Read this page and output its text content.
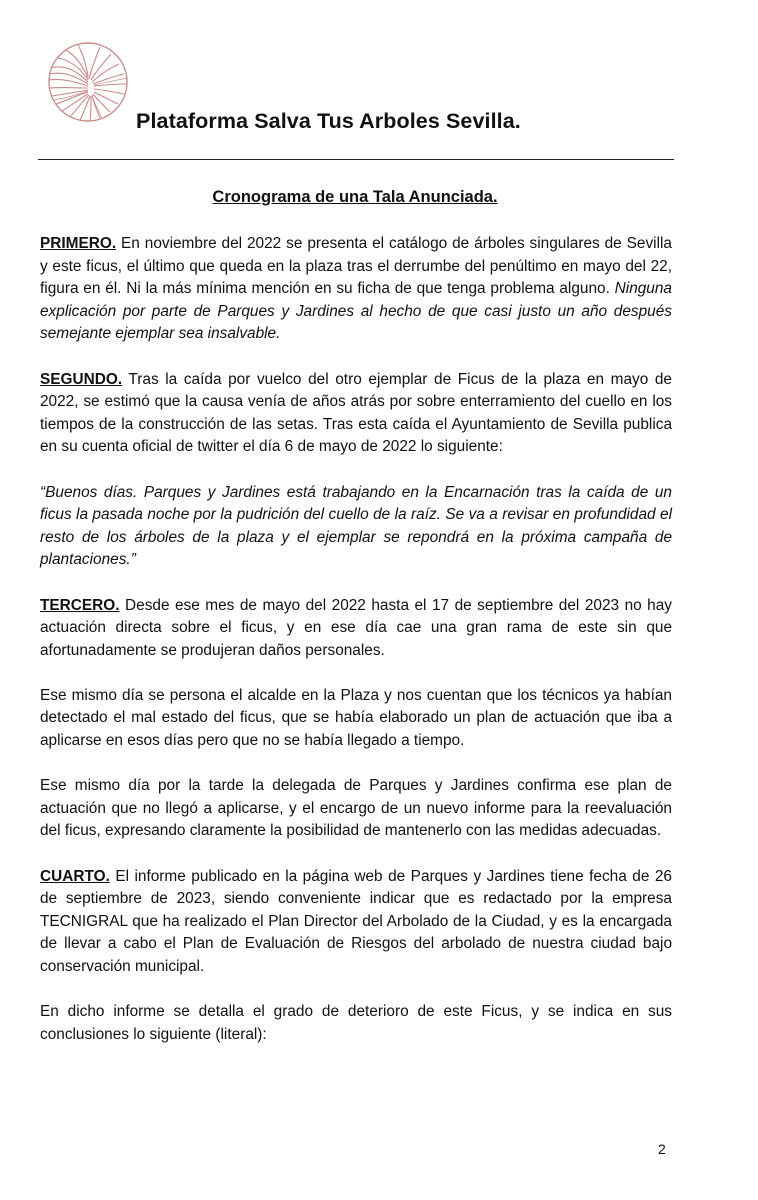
Plataforma Salva Tus Arboles Sevilla.
Cronograma de una Tala Anunciada.

PRIMERO. En noviembre del 2022 se presenta el catálogo de árboles singulares de Sevilla y este ficus, el último que queda en la plaza tras el derrumbe del penúltimo en mayo del 22, figura en él. Ni la más mínima mención en su ficha de que tenga problema alguno. Ninguna explicación por parte de Parques y Jardines al hecho de que casi justo un año después semejante ejemplar sea insalvable.

SEGUNDO. Tras la caída por vuelco del otro ejemplar de Ficus de la plaza en mayo de 2022, se estimó que la causa venía de años atrás por sobre enterramiento del cuello en los tiempos de la construcción de las setas. Tras esta caída el Ayuntamiento de Sevilla publica en su cuenta oficial de twitter el día 6 de mayo de 2022 lo siguiente:

“Buenos días. Parques y Jardines está trabajando en la Encarnación tras la caída de un ficus la pasada noche por la pudrición del cuello de la raíz. Se va a revisar en profundidad el resto de los árboles de la plaza y el ejemplar se repondrá en la próxima campaña de plantaciones.”

TERCERO. Desde ese mes de mayo del 2022 hasta el 17 de septiembre del 2023 no hay actuación directa sobre el ficus, y en ese día cae una gran rama de este sin que afortunadamente se produjeran daños personales.

Ese mismo día se persona el alcalde en la Plaza y nos cuentan que los técnicos ya habían detectado el mal estado del ficus, que se había elaborado un plan de actuación que iba a aplicarse en esos días pero que no se había llegado a tiempo.

Ese mismo día por la tarde la delegada de Parques y Jardines confirma ese plan de actuación que no llegó a aplicarse, y el encargo de un nuevo informe para la reevaluación del ficus, expresando claramente la posibilidad de mantenerlo con las medidas adecuadas.

CUARTO. El informe publicado en la página web de Parques y Jardines tiene fecha de 26 de septiembre de 2023, siendo conveniente indicar que es redactado por la empresa TECNIGRAL que ha realizado el Plan Director del Arbolado de la Ciudad, y es la encargada de llevar a cabo el Plan de Evaluación de Riesgos del arbolado de nuestra ciudad bajo conservación municipal.

En dicho informe se detalla el grado de deterioro de este Ficus, y se indica en sus conclusiones lo siguiente (literal):

2
